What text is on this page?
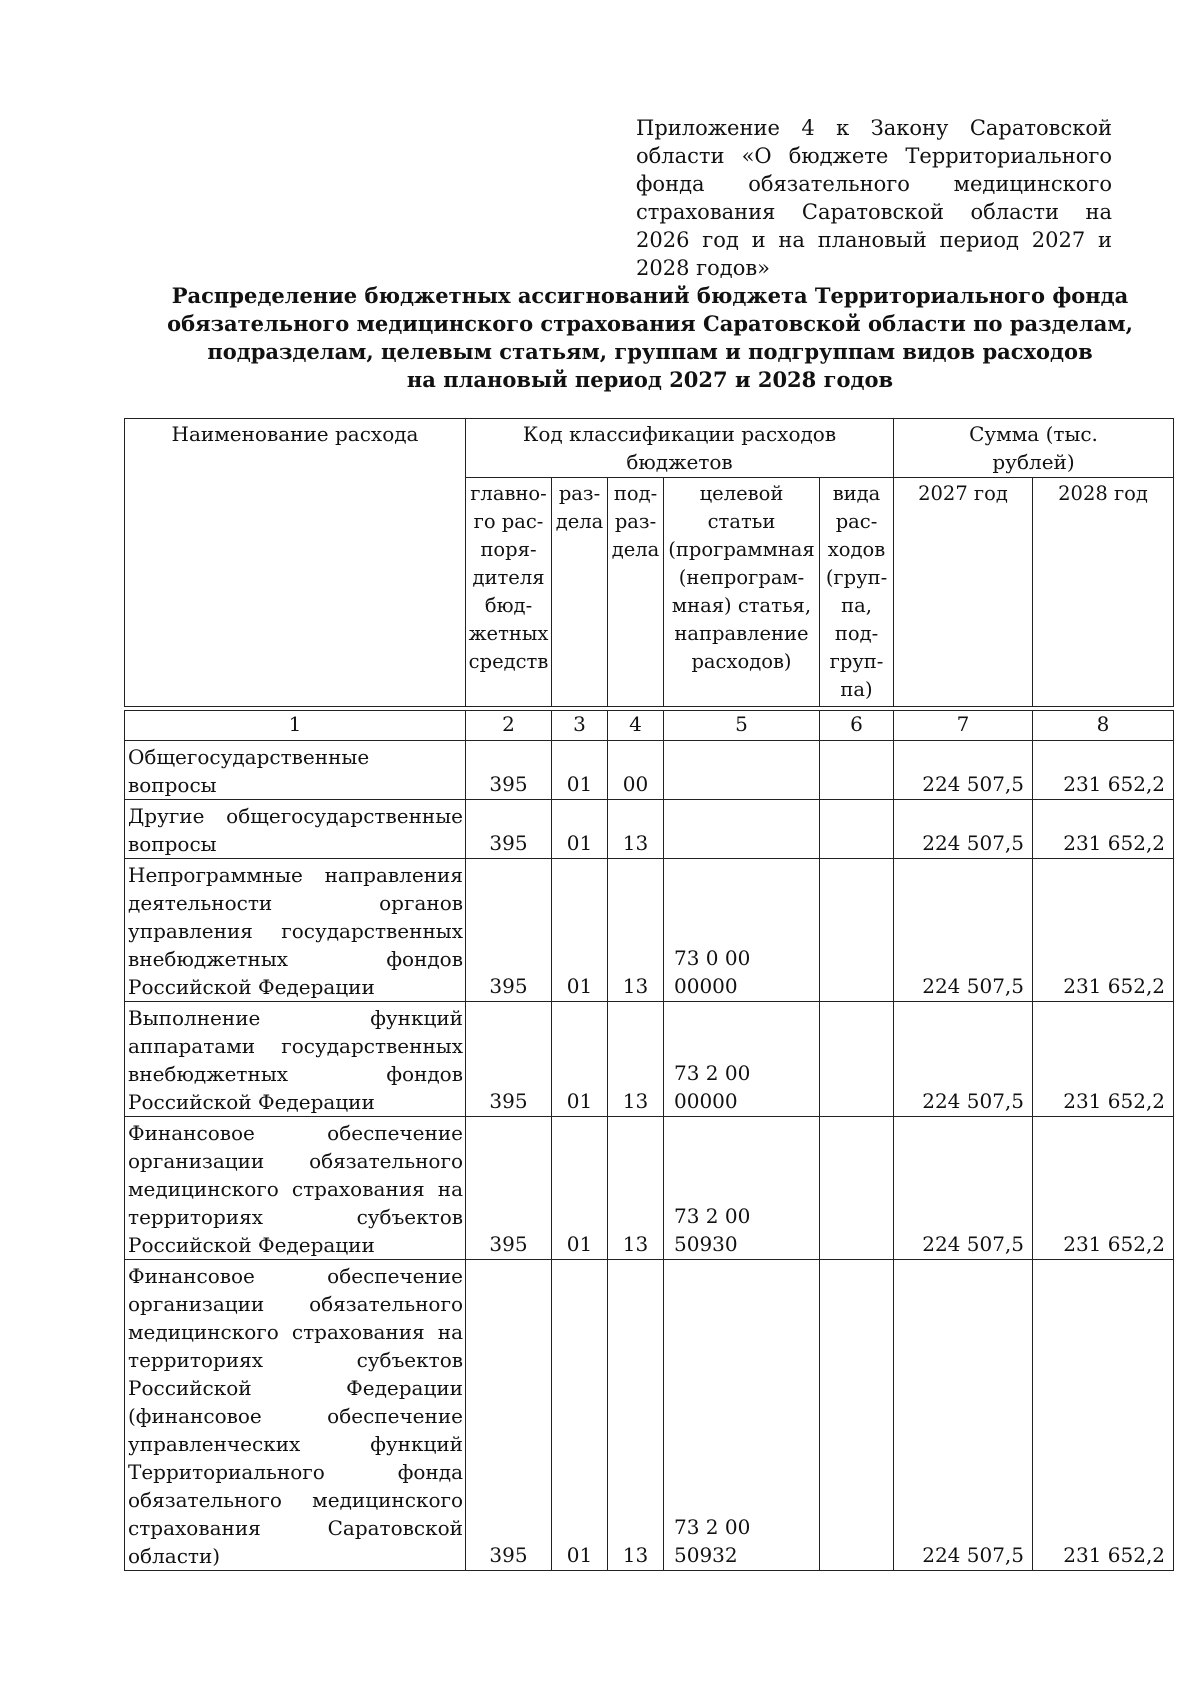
Приложение 4 к Закону Саратовской области «О бюджете Территориального фонда обязательного медицинского страхования Саратовской области на 2026 год и на плановый период 2027 и 2028 годов»
Распределение бюджетных ассигнований бюджета Территориального фонда
обязательного медицинского страхования Саратовской области по разделам,
подразделам, целевым статьям, группам и подгруппам видов расходов
на плановый период 2027 и 2028 годов
Наименование расхода	Код классификации расходов бюджетов					Сумма (тыс. рублей)	
	главно-го рас-поря-дителя бюд-жетных средств	раз-дела	под-раз-дела	целевой статьи (программная (непрограм-мная) статья, направление расходов)	вида рас-ходов (груп-па, под-груп-па)	2027 год	2028 год

1	2	3	4	5	6	7	8
Общегосударственные вопросы	395	01	00			224 507,5	231 652,2
Другие общегосударственные вопросы	395	01	13			224 507,5	231 652,2
Непрограммные направления деятельности органов управления государственных внебюджетных фондов Российской Федерации	395	01	13	73 0 00 00000		224 507,5	231 652,2
Выполнение функций аппаратами государственных внебюджетных фондов Российской Федерации	395	01	13	73 2 00 00000		224 507,5	231 652,2
Финансовое обеспечение организации обязательного медицинского страхования на территориях субъектов Российской Федерации	395	01	13	73 2 00 50930		224 507,5	231 652,2
Финансовое обеспечение организации обязательного медицинского страхования на территориях субъектов Российской Федерации (финансовое обеспечение управленческих функций Территориального фонда обязательного медицинского страхования Саратовской области)	395	01	13	73 2 00 50932		224 507,5	231 652,2
